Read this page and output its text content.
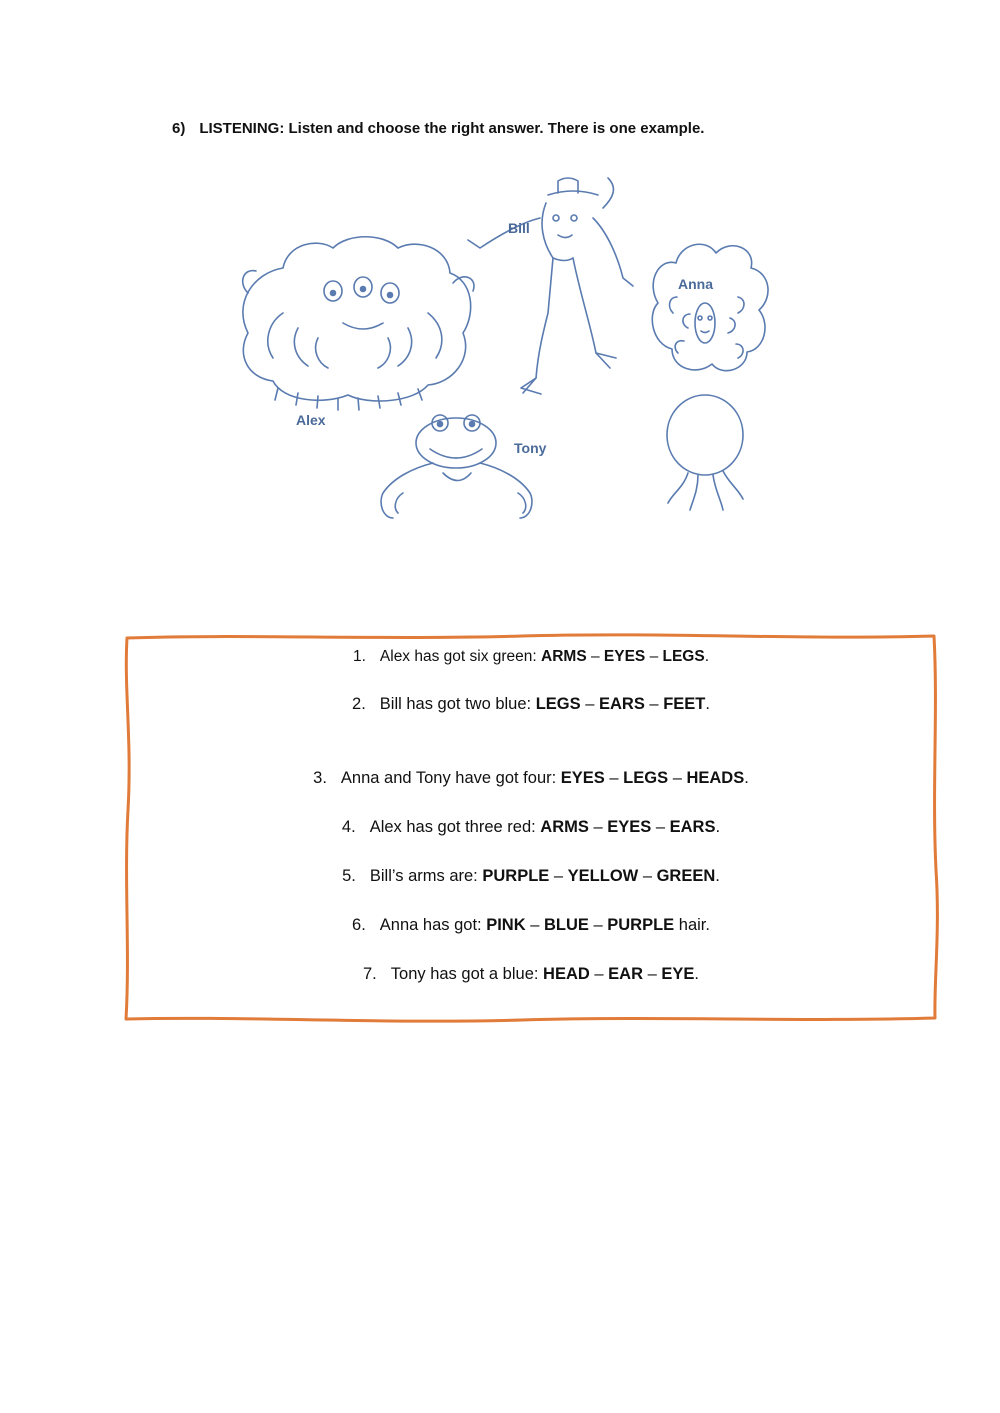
6) LISTENING: Listen and choose the right answer. There is one example.
Alex
Bill
Anna
Tony
1. Alex has got six green: ARMS – EYES – LEGS.
2. Bill has got two blue: LEGS – EARS – FEET.
3. Anna and Tony have got four: EYES – LEGS – HEADS.
4. Alex has got three red: ARMS – EYES – EARS.
5. Bill’s arms are: PURPLE – YELLOW – GREEN.
6. Anna has got: PINK – BLUE – PURPLE hair.
7. Tony has got a blue: HEAD – EAR – EYE.
